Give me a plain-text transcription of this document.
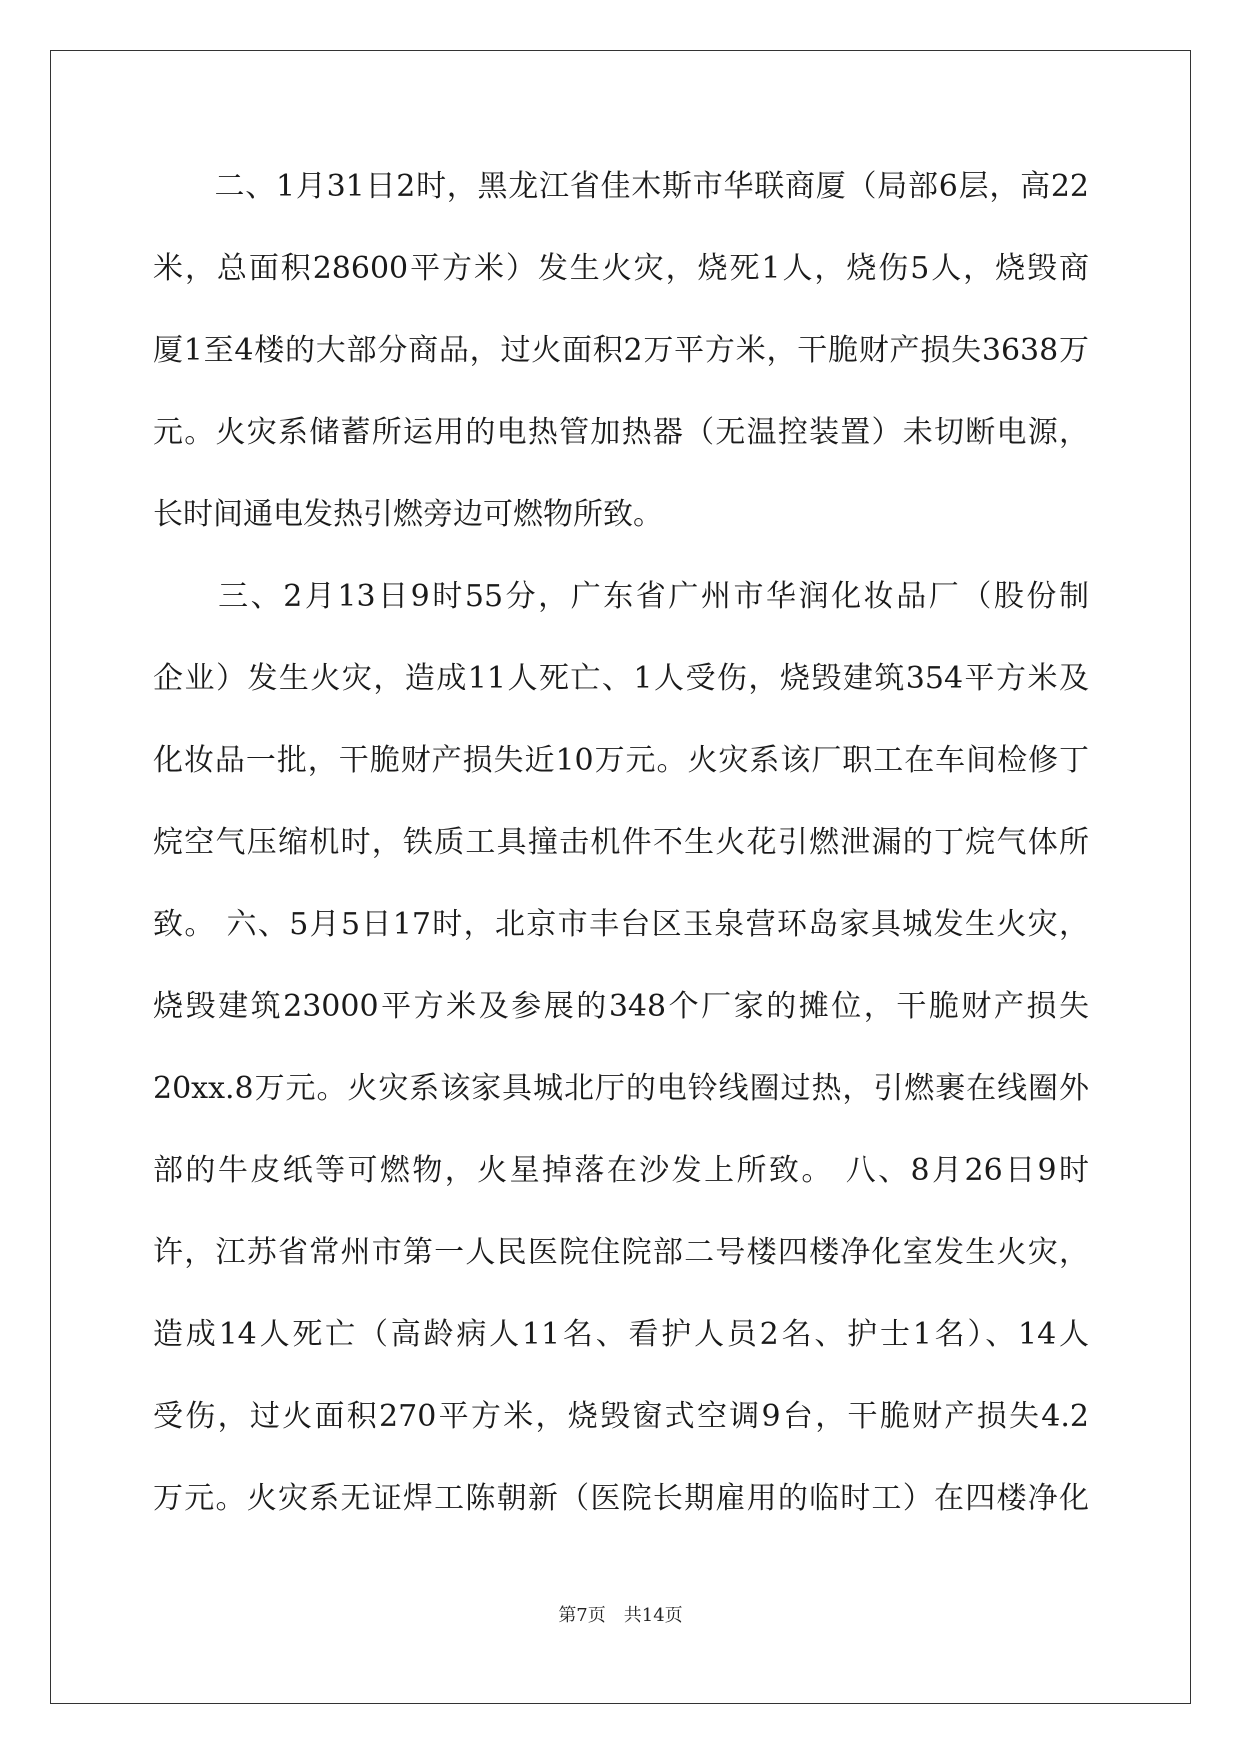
　　二、1月31日2时，黑龙江省佳木斯市华联商厦（局部6层，高22
米，总面积28600平方米）发生火灾，烧死1人，烧伤5人，烧毁商
厦1至4楼的大部分商品，过火面积2万平方米，干脆财产损失3638万
元。火灾系储蓄所运用的电热管加热器（无温控装置）未切断电源，
长时间通电发热引燃旁边可燃物所致。
　　三、2月13日9时55分，广东省广州市华润化妆品厂（股份制
企业）发生火灾，造成11人死亡、1人受伤，烧毁建筑354平方米及
化妆品一批，干脆财产损失近10万元。火灾系该厂职工在车间检修丁
烷空气压缩机时，铁质工具撞击机件不生火花引燃泄漏的丁烷气体所
致。 六、5月5日17时，北京市丰台区玉泉营环岛家具城发生火灾，
烧毁建筑23000平方米及参展的348个厂家的摊位，干脆财产损失
20xx.8万元。火灾系该家具城北厅的电铃线圈过热，引燃裹在线圈外
部的牛皮纸等可燃物，火星掉落在沙发上所致。 八、8月26日9时
许，江苏省常州市第一人民医院住院部二号楼四楼净化室发生火灾，
造成14人死亡（高龄病人11名、看护人员2名、护士1名）、14人
受伤，过火面积270平方米，烧毁窗式空调9台，干脆财产损失4.2
万元。火灾系无证焊工陈朝新（医院长期雇用的临时工）在四楼净化
第7页 共14页
